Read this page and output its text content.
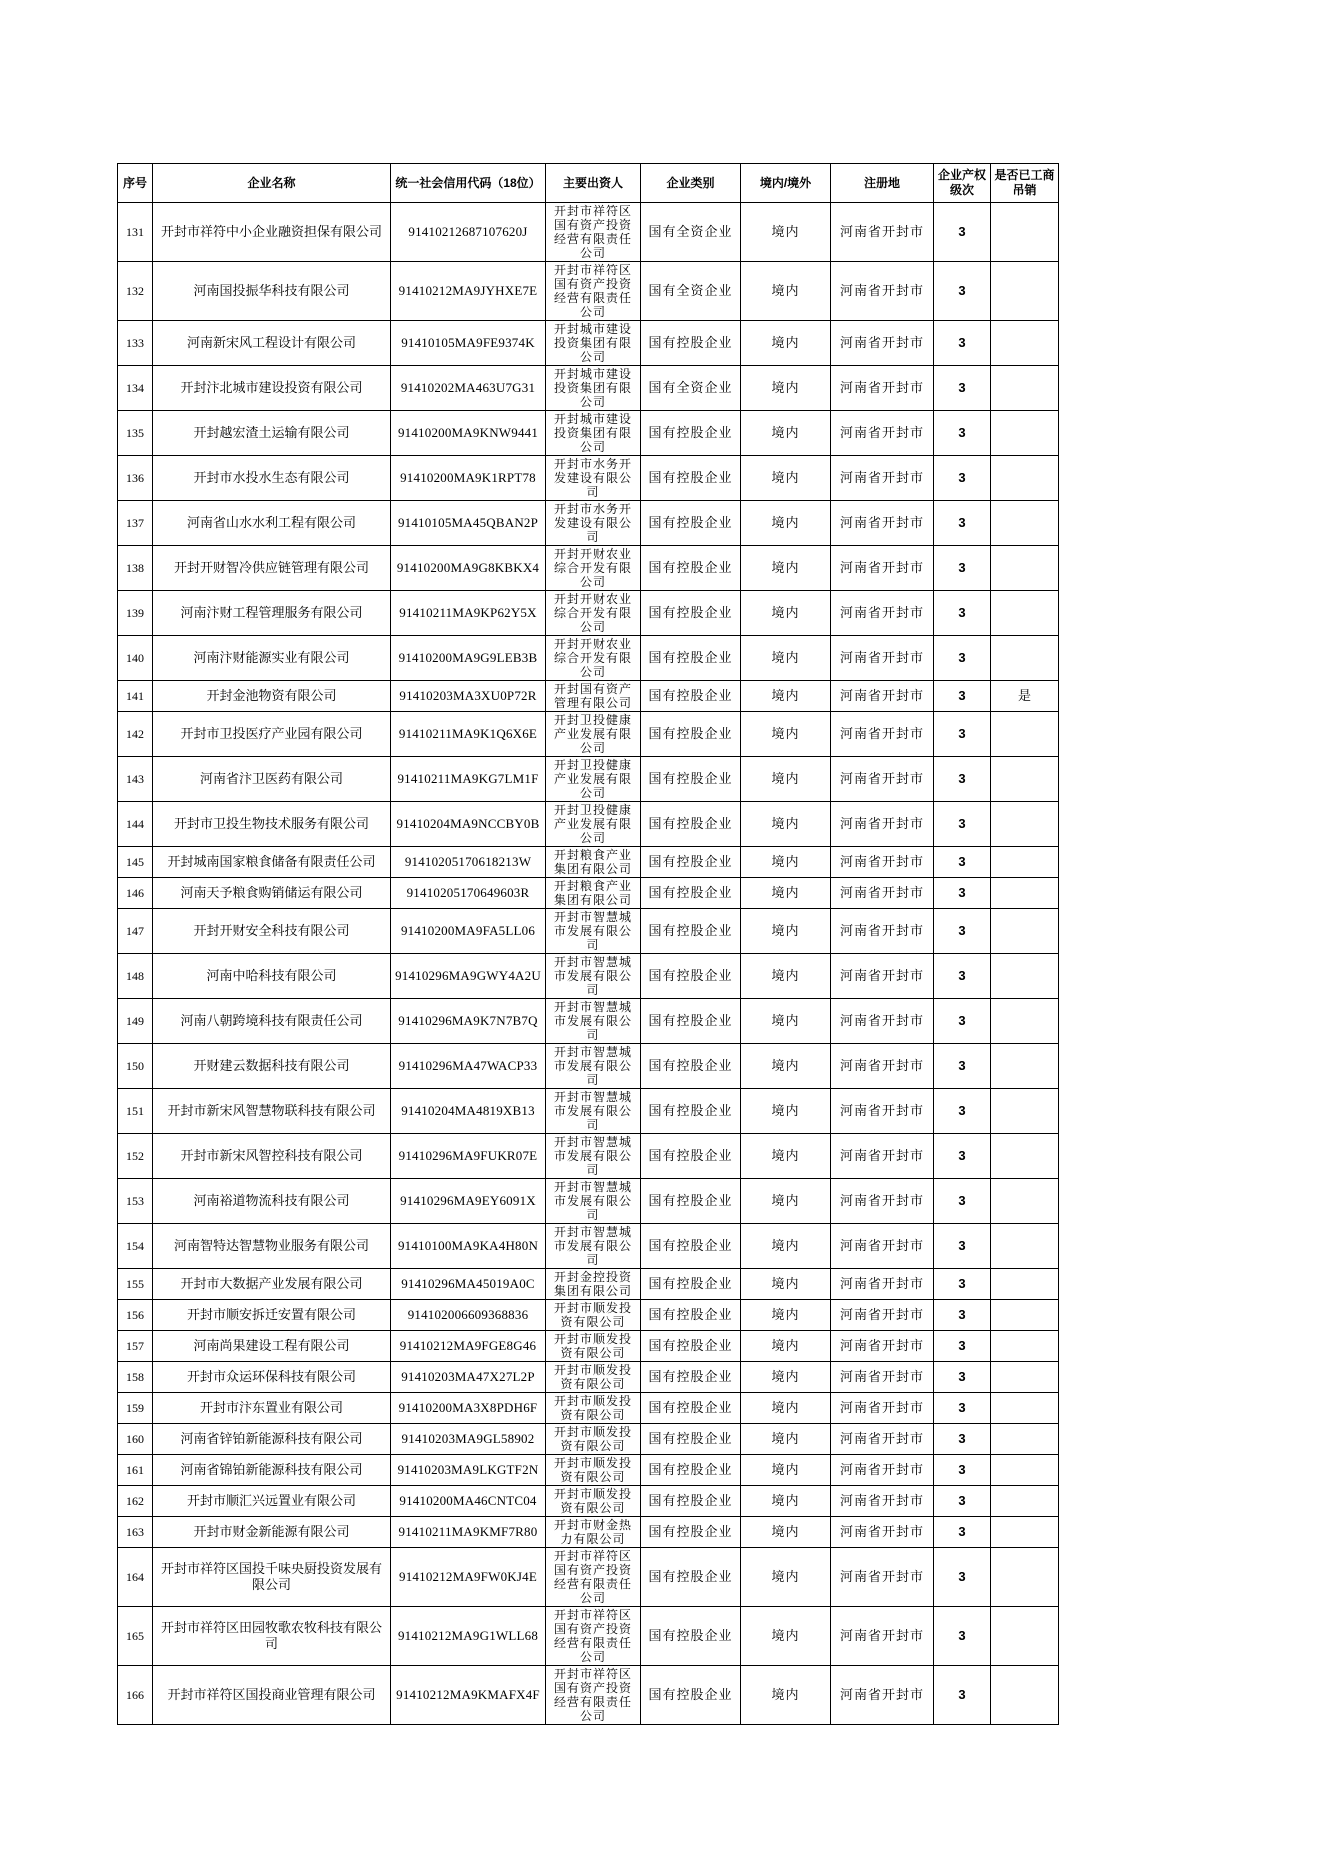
序号	企业名称	统一社会信用代码（18位）	主要出资人	企业类别	境内/境外	注册地	企业产权级次	是否已工商吊销
131	开封市祥符中小企业融资担保有限公司	91410212687107620J	开封市祥符区国有资产投资经营有限责任公司	国有全资企业	境内	河南省开封市	3	
132	河南国投振华科技有限公司	91410212MA9JYHXE7E	开封市祥符区国有资产投资经营有限责任公司	国有全资企业	境内	河南省开封市	3	
133	河南新宋风工程设计有限公司	91410105MA9FE9374K	开封城市建设投资集团有限公司	国有控股企业	境内	河南省开封市	3	
134	开封汴北城市建设投资有限公司	91410202MA463U7G31	开封城市建设投资集团有限公司	国有全资企业	境内	河南省开封市	3	
135	开封越宏渣土运输有限公司	91410200MA9KNW9441	开封城市建设投资集团有限公司	国有控股企业	境内	河南省开封市	3	
136	开封市水投水生态有限公司	91410200MA9K1RPT78	开封市水务开发建设有限公司	国有控股企业	境内	河南省开封市	3	
137	河南省山水水利工程有限公司	91410105MA45QBAN2P	开封市水务开发建设有限公司	国有控股企业	境内	河南省开封市	3	
138	开封开财智冷供应链管理有限公司	91410200MA9G8KBKX4	开封开财农业综合开发有限公司	国有控股企业	境内	河南省开封市	3	
139	河南汴财工程管理服务有限公司	91410211MA9KP62Y5X	开封开财农业综合开发有限公司	国有控股企业	境内	河南省开封市	3	
140	河南汴财能源实业有限公司	91410200MA9G9LEB3B	开封开财农业综合开发有限公司	国有控股企业	境内	河南省开封市	3	
141	开封金池物资有限公司	91410203MA3XU0P72R	开封国有资产管理有限公司	国有控股企业	境内	河南省开封市	3	是
142	开封市卫投医疗产业园有限公司	91410211MA9K1Q6X6E	开封卫投健康产业发展有限公司	国有控股企业	境内	河南省开封市	3	
143	河南省汴卫医药有限公司	91410211MA9KG7LM1F	开封卫投健康产业发展有限公司	国有控股企业	境内	河南省开封市	3	
144	开封市卫投生物技术服务有限公司	91410204MA9NCCBY0B	开封卫投健康产业发展有限公司	国有控股企业	境内	河南省开封市	3	
145	开封城南国家粮食储备有限责任公司	91410205170618213W	开封粮食产业集团有限公司	国有控股企业	境内	河南省开封市	3	
146	河南天予粮食购销储运有限公司	91410205170649603R	开封粮食产业集团有限公司	国有控股企业	境内	河南省开封市	3	
147	开封开财安全科技有限公司	91410200MA9FA5LL06	开封市智慧城市发展有限公司	国有控股企业	境内	河南省开封市	3	
148	河南中哈科技有限公司	91410296MA9GWY4A2U	开封市智慧城市发展有限公司	国有控股企业	境内	河南省开封市	3	
149	河南八朝跨境科技有限责任公司	91410296MA9K7N7B7Q	开封市智慧城市发展有限公司	国有控股企业	境内	河南省开封市	3	
150	开财建云数据科技有限公司	91410296MA47WACP33	开封市智慧城市发展有限公司	国有控股企业	境内	河南省开封市	3	
151	开封市新宋风智慧物联科技有限公司	91410204MA4819XB13	开封市智慧城市发展有限公司	国有控股企业	境内	河南省开封市	3	
152	开封市新宋风智控科技有限公司	91410296MA9FUKR07E	开封市智慧城市发展有限公司	国有控股企业	境内	河南省开封市	3	
153	河南裕道物流科技有限公司	91410296MA9EY6091X	开封市智慧城市发展有限公司	国有控股企业	境内	河南省开封市	3	
154	河南智特达智慧物业服务有限公司	91410100MA9KA4H80N	开封市智慧城市发展有限公司	国有控股企业	境内	河南省开封市	3	
155	开封市大数据产业发展有限公司	91410296MA45019A0C	开封金控投资集团有限公司	国有控股企业	境内	河南省开封市	3	
156	开封市顺安拆迁安置有限公司	914102006609368836	开封市顺发投资有限公司	国有控股企业	境内	河南省开封市	3	
157	河南尚果建设工程有限公司	91410212MA9FGE8G46	开封市顺发投资有限公司	国有控股企业	境内	河南省开封市	3	
158	开封市众运环保科技有限公司	91410203MA47X27L2P	开封市顺发投资有限公司	国有控股企业	境内	河南省开封市	3	
159	开封市汴东置业有限公司	91410200MA3X8PDH6F	开封市顺发投资有限公司	国有控股企业	境内	河南省开封市	3	
160	河南省锌铂新能源科技有限公司	91410203MA9GL58902	开封市顺发投资有限公司	国有控股企业	境内	河南省开封市	3	
161	河南省锦铂新能源科技有限公司	91410203MA9LKGTF2N	开封市顺发投资有限公司	国有控股企业	境内	河南省开封市	3	
162	开封市顺汇兴远置业有限公司	91410200MA46CNTC04	开封市顺发投资有限公司	国有控股企业	境内	河南省开封市	3	
163	开封市财金新能源有限公司	91410211MA9KMF7R80	开封市财金热力有限公司	国有控股企业	境内	河南省开封市	3	
164	开封市祥符区国投千味央厨投资发展有限公司	91410212MA9FW0KJ4E	开封市祥符区国有资产投资经营有限责任公司	国有控股企业	境内	河南省开封市	3	
165	开封市祥符区田园牧歌农牧科技有限公司	91410212MA9G1WLL68	开封市祥符区国有资产投资经营有限责任公司	国有控股企业	境内	河南省开封市	3	
166	开封市祥符区国投商业管理有限公司	91410212MA9KMAFX4F	开封市祥符区国有资产投资经营有限责任公司	国有控股企业	境内	河南省开封市	3	
